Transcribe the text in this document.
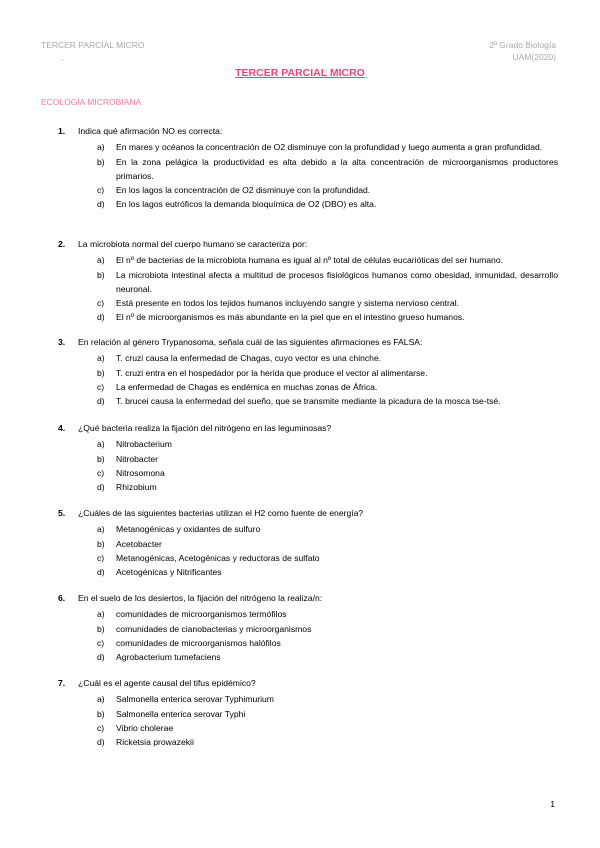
TERCER PARCIAL MICRO
-
2º Grado Biología
UAM(2020)
TERCER PARCIAL MICRO
ECOLOGÍA MICROBIANA
1.	Indica qué afirmación NO es correcta:
a)	En mares y océanos la concentración de O2 disminuye con la profundidad y luego aumenta a gran profundidad.
b)	En la zona pelágica la productividad es alta debido a la alta concentración de microorganismos productores primarios.
c)	En los lagos la concentración de O2 disminuye con la profundidad.
d)	En los lagos eutróficos la demanda bioquímica de O2 (DBO) es alta.
2.	La microbiota normal del cuerpo humano se caracteriza por:
a)	El nº de bacterias de la microbiota humana es igual al nº total de células eucarióticas del ser humano.
b)	La microbiota intestinal afecta a multitud de procesos fisiológicos humanos como obesidad, inmunidad, desarrollo neuronal.
c)	Está presente en todos los tejidos humanos incluyendo sangre y sistema nervioso central.
d)	El nº de microorganismos es más abundante en la piel que en el intestino grueso humanos.
3.	En relación al género Trypanosoma, señala cuál de las siguientes afirmaciones es FALSA:
a)	T. cruzi causa la enfermedad de Chagas, cuyo vector es una chinche.
b)	T. cruzi entra en el hospedador por la herida que produce el vector al alimentarse.
c)	La enfermedad de Chagas es endémica en muchas zonas de África.
d)	T. brucei causa la enfermedad del sueño, que se transmite mediante la picadura de la mosca tse-tsé.
4.	¿Qué bacteria realiza la fijación del nitrógeno en las leguminosas?
a)	Nitrobacterium
b)	Nitrobacter
c)	Nitrosomona
d)	Rhizobium
5.	¿Cuáles de las siguientes bacterias utilizan el H2 como fuente de energía?
a)	Metanogénicas y oxidantes de sulfuro
b)	Acetobacter
c)	Metanogénicas, Acetogénicas y reductoras de sulfato
d)	Acetogénicas y Nitrificantes
6.	En el suelo de los desiertos, la fijación del nitrógeno la realiza/n:
a)	comunidades de microorganismos termófilos
b)	comunidades de cianobacterias y microorganismos
c)	comunidades de microorganismos halófilos
d)	Agrobacterium tumefaciens
7.	¿Cuál es el agente causal del tifus epidémico?
a)	Salmonella enterica serovar Typhimurium
b)	Salmonella enterica serovar Typhi
c)	Vibrio cholerae
d)	Ricketsia prowazekii
1
